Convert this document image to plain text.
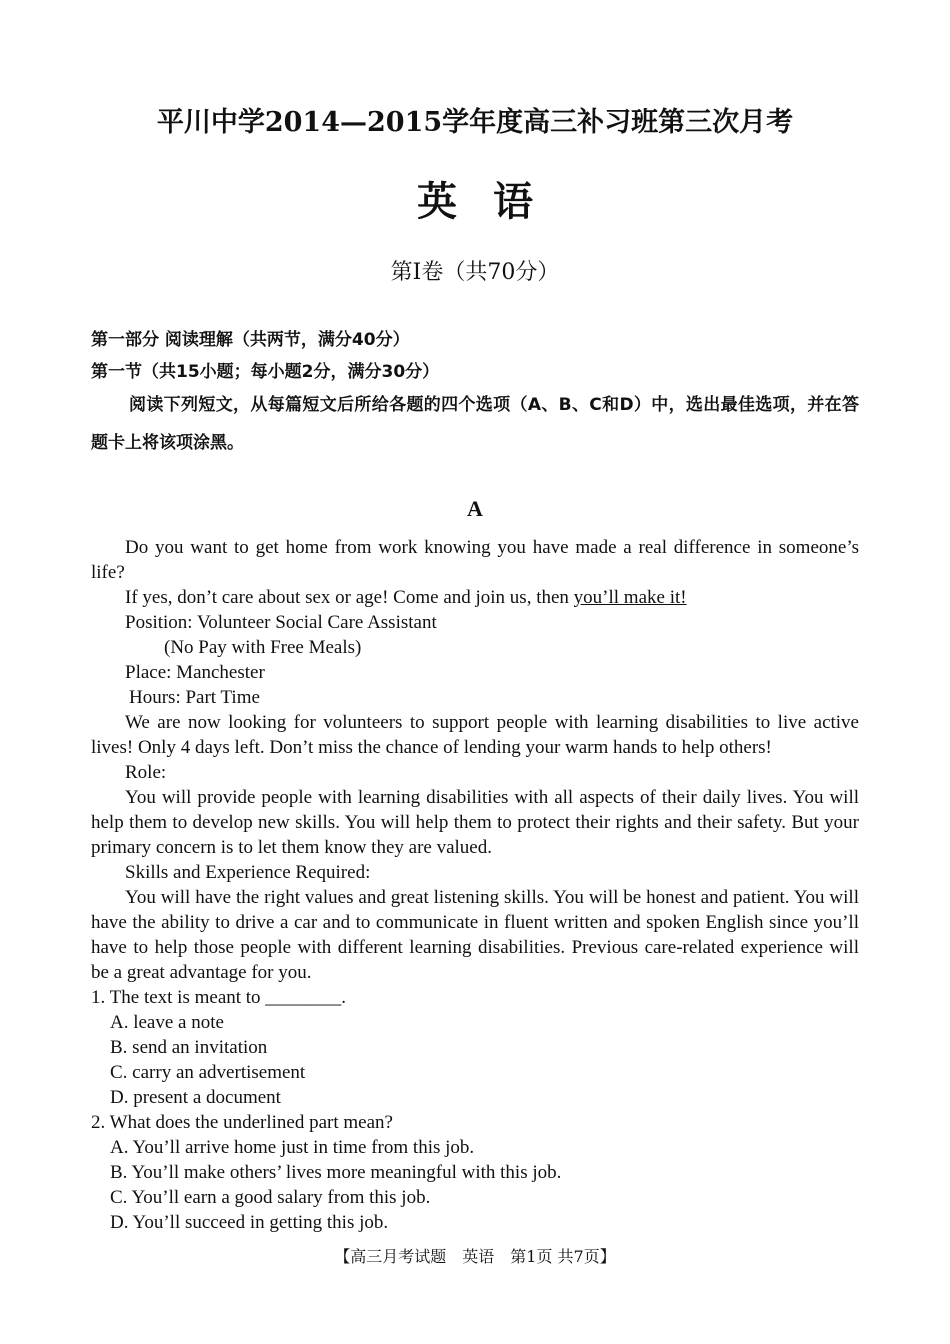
平川中学2014—2015学年度高三补习班第三次月考
英语
第Ⅰ卷（共70分）
第一部分 阅读理解（共两节，满分40分）
第一节（共15小题；每小题2分，满分30分）
阅读下列短文，从每篇短文后所给各题的四个选项（A、B、C和D）中，选出最佳选项，并在答题卡上将该项涂黑。
A

Do you want to get home from work knowing you have made a real difference in someone’s life?

If yes, don’t care about sex or age! Come and join us, then you’ll make it!

Position: Volunteer Social Care Assistant

(No Pay with Free Meals)

Place: Manchester

Hours: Part Time

We are now looking for volunteers to support people with learning disabilities to live active lives! Only 4 days left. Don’t miss the chance of lending your warm hands to help others!

Role:

You will provide people with learning disabilities with all aspects of their daily lives. You will help them to develop new skills. You will help them to protect their rights and their safety. But your primary concern is to let them know they are valued.

Skills and Experience Required:

You will have the right values and great listening skills. You will be honest and patient. You will have the ability to drive a car and to communicate in fluent written and spoken English since you’ll have to help those people with different learning disabilities. Previous care-related experience will be a great advantage for you.

1. The text is meant to ________.

A. leave a note

B. send an invitation

C. carry an advertisement

D. present a document

2. What does the underlined part mean?

A. You’ll arrive home just in time from this job.

B. You’ll make others’ lives more meaningful with this job.

C. You’ll earn a good salary from this job.

D. You’ll succeed in getting this job.

【高三月考试题　英语　第1页 共7页】
